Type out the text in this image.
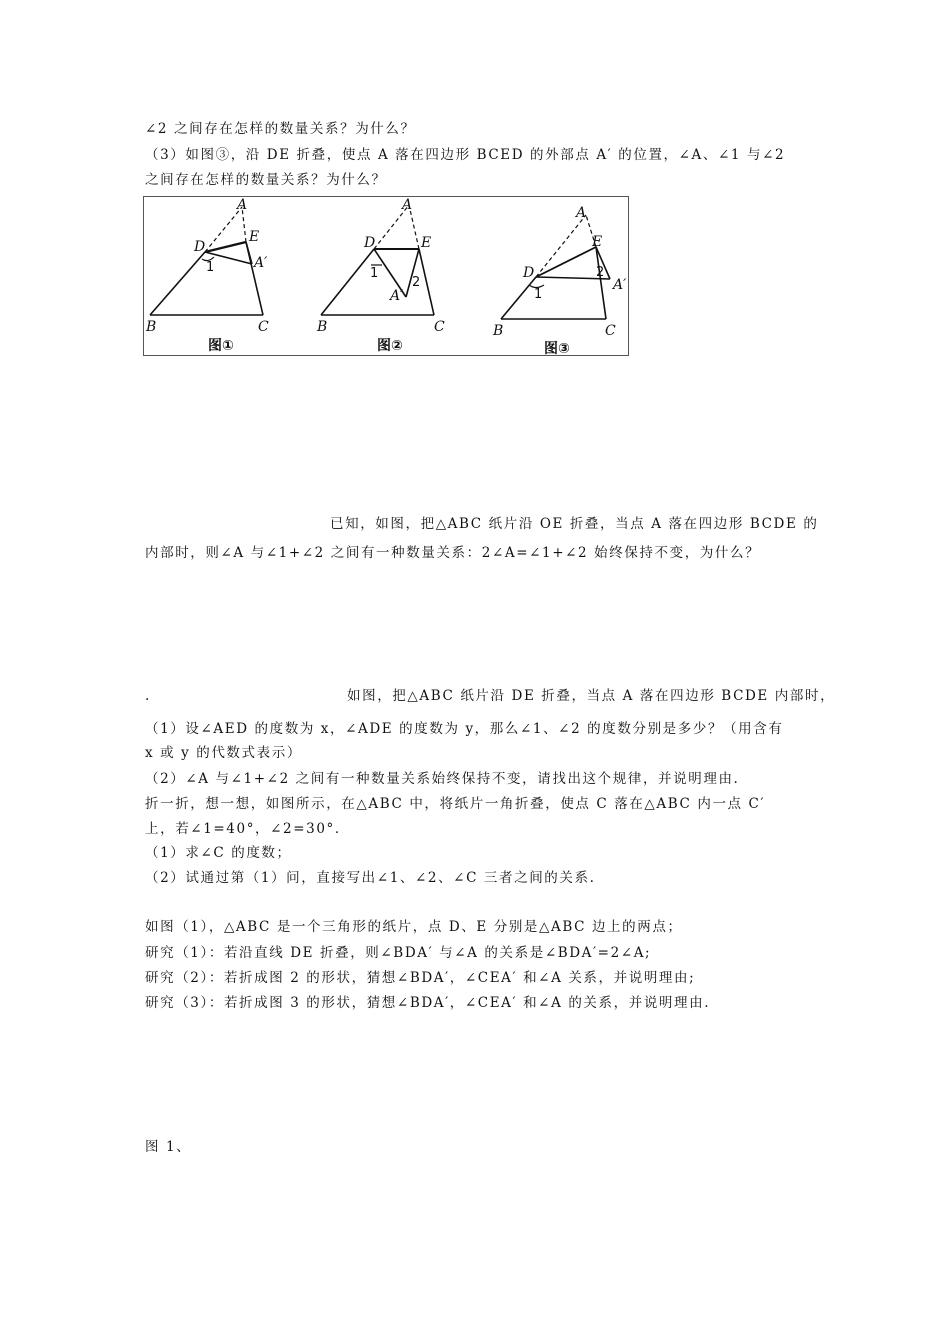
∠2 之间存在怎样的数量关系？为什么？
（3）如图③，沿 DE 折叠，使点 A 落在四边形 BCED 的外部点 A′ 的位置，∠A、∠1 与∠2
之间存在怎样的数量关系？为什么？
A
D
E
A′
1
B	C
图①
A
D	E
A′
1
2
B	C
图②
A
D
E
A′
1
2
B	C
图③
已知，如图，把△ABC 纸片沿 OE 折叠，当点 A 落在四边形 BCDE 的
内部时，则∠A 与∠1+∠2 之间有一种数量关系：2∠A=∠1+∠2 始终保持不变，为什么？
.	如图，把△ABC 纸片沿 DE 折叠，当点 A 落在四边形 BCDE 内部时，
（1）设∠AED 的度数为 x，∠ADE 的度数为 y，那么∠1、∠2 的度数分别是多少？（用含有
x 或 y 的代数式表示）
（2）∠A 与∠1+∠2 之间有一种数量关系始终保持不变，请找出这个规律，并说明理由.
折一折，想一想，如图所示，在△ABC 中，将纸片一角折叠，使点 C 落在△ABC 内一点 C′
上，若∠1=40°，∠2=30°．
（1）求∠C 的度数；
（2）试通过第（1）问，直接写出∠1、∠2、∠C 三者之间的关系.
如图（1），△ABC 是一个三角形的纸片，点 D、E 分别是△ABC 边上的两点；
研究（1）：若沿直线 DE 折叠，则∠BDA′ 与∠A 的关系是∠BDA′=2∠A;
研究（2）：若折成图 2 的形状，猜想∠BDA′，∠CEA′ 和∠A 关系，并说明理由;
研究（3）：若折成图 3 的形状，猜想∠BDA′，∠CEA′ 和∠A 的关系，并说明理由.
图 1、
